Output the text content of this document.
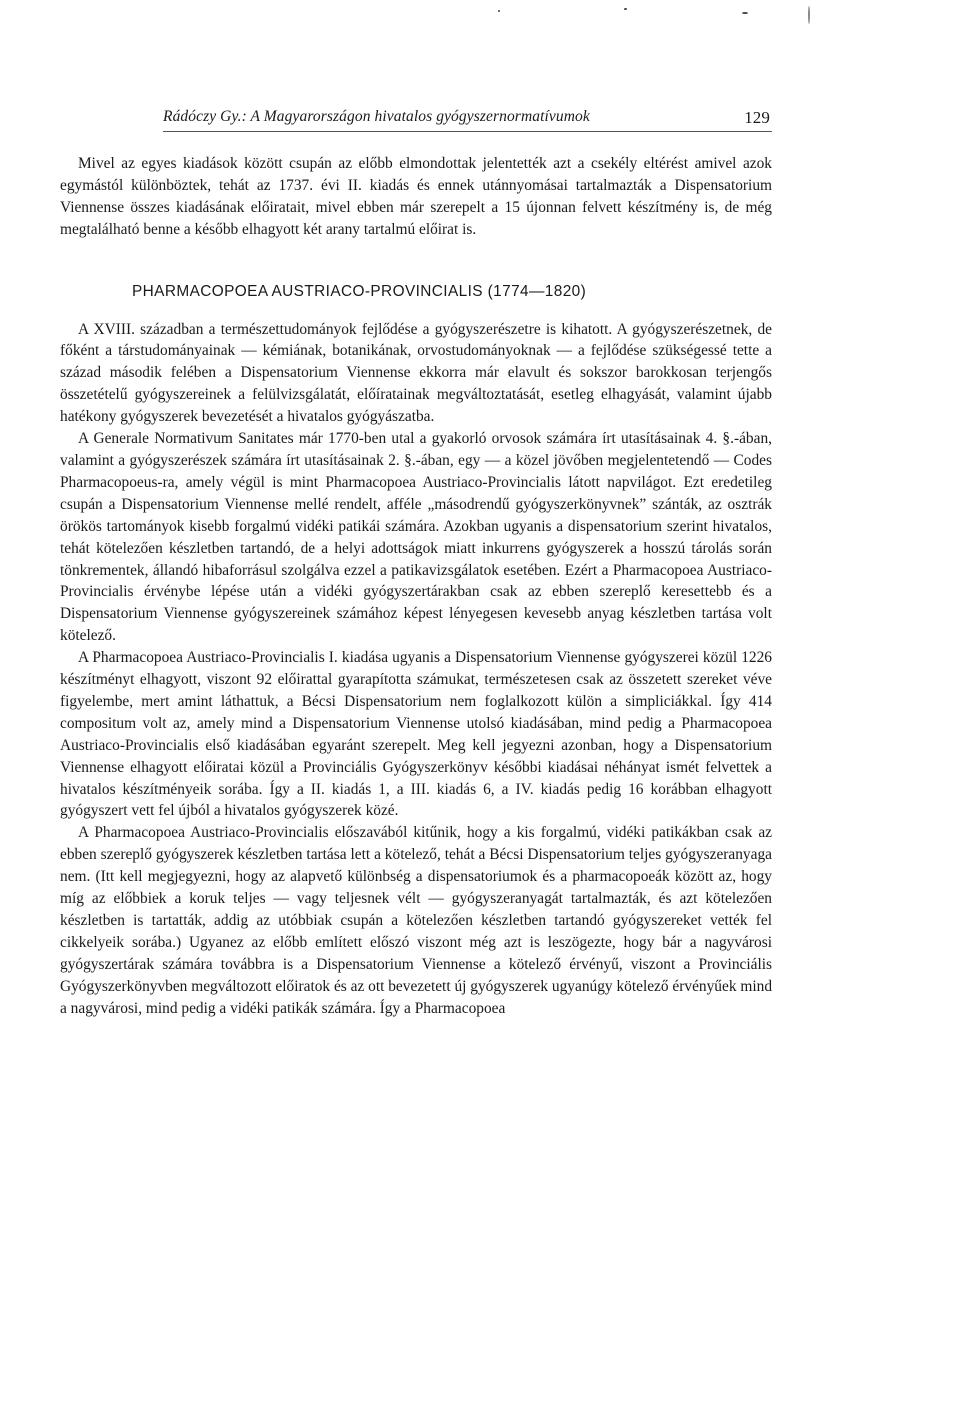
Rádóczy Gy.: A Magyarországon hivatalos gyógyszernormatívumok	129

Mivel az egyes kiadások között csupán az előbb elmondottak jelentették azt a csekély eltérést amivel azok egymástól különböztek, tehát az 1737. évi II. kiadás és ennek utánnyomásai tartalmazták a Dispensatorium Viennense összes kiadásának előiratait, mivel ebben már szerepelt a 15 újonnan felvett készítmény is, de még megtalálható benne a később elhagyott két arany tartalmú előirat is.

PHARMACOPOEA AUSTRIACO-PROVINCIALIS (1774—1820)

A XVIII. században a természettudományok fejlődése a gyógyszerészetre is kihatott. A gyógyszerészetnek, de főként a társtudományainak — kémiának, botanikának, orvostudományoknak — a fejlődése szükségessé tette a század második felében a Dispensatorium Viennense ekkorra már elavult és sokszor barokkosan terjengős összetételű gyógyszereinek a felülvizsgálatát, előíratainak megváltoztatását, esetleg elhagyását, valamint újabb hatékony gyógyszerek bevezetését a hivatalos gyógyászatba.

A Generale Normativum Sanitates már 1770-ben utal a gyakorló orvosok számára írt utasításainak 4. §.-ában, valamint a gyógyszerészek számára írt utasításainak 2. §.-ában, egy — a közel jövőben megjelentetendő — Codes Pharmacopoeus-ra, amely végül is mint Pharmacopoea Austriaco-Provincialis látott napvilágot. Ezt eredetileg csupán a Dispensatorium Viennense mellé rendelt, afféle „másodrendű gyógyszerkönyvnek” szánták, az osztrák örökös tartományok kisebb forgalmú vidéki patikái számára. Azokban ugyanis a dispensatorium szerint hivatalos, tehát kötelezően készletben tartandó, de a helyi adottságok miatt inkurrens gyógyszerek a hosszú tárolás során tönkrementek, állandó hibaforrásul szolgálva ezzel a patikavizsgálatok esetében. Ezért a Pharmacopoea Austriaco-Provincialis érvénybe lépése után a vidéki gyógyszertárakban csak az ebben szereplő keresettebb és a Dispensatorium Viennense gyógyszereinek számához képest lényegesen kevesebb anyag készletben tartása volt kötelező.

A Pharmacopoea Austriaco-Provincialis I. kiadása ugyanis a Dispensatorium Viennense gyógyszerei közül 1226 készítményt elhagyott, viszont 92 előirattal gyarapította számukat, természetesen csak az összetett szereket véve figyelembe, mert amint láthattuk, a Bécsi Dispensatorium nem foglalkozott külön a simpliciákkal. Így 414 compositum volt az, amely mind a Dispensatorium Viennense utolsó kiadásában, mind pedig a Pharmacopoea Austriaco-Provincialis első kiadásában egyaránt szerepelt. Meg kell jegyezni azonban, hogy a Dispensatorium Viennense elhagyott előiratai közül a Provinciális Gyógyszerkönyv későbbi kiadásai néhányat ismét felvettek a hivatalos készítményeik sorába. Így a II. kiadás 1, a III. kiadás 6, a IV. kiadás pedig 16 korábban elhagyott gyógyszert vett fel újból a hivatalos gyógyszerek közé.

A Pharmacopoea Austriaco-Provincialis előszavából kitűnik, hogy a kis forgalmú, vidéki patikákban csak az ebben szereplő gyógyszerek készletben tartása lett a kötelező, tehát a Bécsi Dispensatorium teljes gyógyszeranyaga nem. (Itt kell megjegyezni, hogy az alapvető különbség a dispensatoriumok és a pharmacopoeák között az, hogy míg az előbbiek a koruk teljes — vagy teljesnek vélt — gyógyszeranyagát tartalmazták, és azt kötelezően készletben is tartatták, addig az utóbbiak csupán a kötelezően készletben tartandó gyógyszereket vették fel cikkelyeik sorába.) Ugyanez az előbb említett előszó viszont még azt is leszögezte, hogy bár a nagyvárosi gyógyszertárak számára továbbra is a Dispensatorium Viennense a kötelező érvényű, viszont a Provinciális Gyógyszerkönyvben megváltozott előiratok és az ott bevezetett új gyógyszerek ugyanúgy kötelező érvényűek mind a nagyvárosi, mind pedig a vidéki patikák számára. Így a Pharmacopoea
